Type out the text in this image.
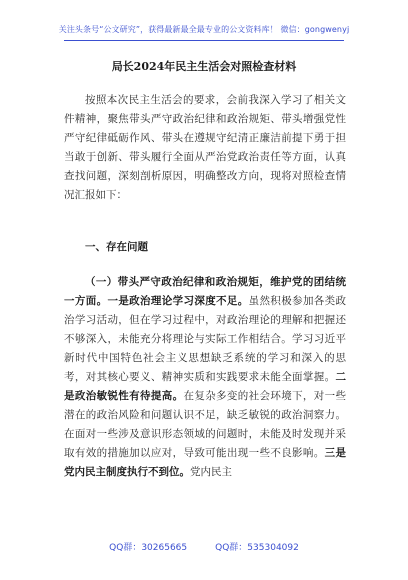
关注头条号“公文研究”，获得最新最全最专业的公文资料库！ 微信：gongwenyj
局长2024年民主生活会对照检查材料
按照本次民主生活会的要求，会前我深入学习了相关文件精神，聚焦带头严守政治纪律和政治规矩、带头增强党性严守纪律砥砺作风、带头在遵规守纪清正廉洁前提下勇于担当敢于创新、带头履行全面从严治党政治责任等方面，认真查找问题，深刻剖析原因，明确整改方向，现将对照检查情况汇报如下：
一、存在问题
（一）带头严守政治纪律和政治规矩，维护党的团结统一方面。一是政治理论学习深度不足。虽然积极参加各类政治学习活动，但在学习过程中，对政治理论的理解和把握还不够深入，未能充分将理论与实际工作相结合。学习习近平新时代中国特色社会主义思想缺乏系统的学习和深入的思考，对其核心要义、精神实质和实践要求未能全面掌握。二是政治敏锐性有待提高。在复杂多变的社会环境下，对一些潜在的政治风险和问题认识不足，缺乏敏锐的政治洞察力。在面对一些涉及意识形态领域的问题时，未能及时发现并采取有效的措施加以应对，导致可能出现一些不良影响。三是党内民主制度执行不到位。党内民主
QQ群：30265665	QQ群：535304092
